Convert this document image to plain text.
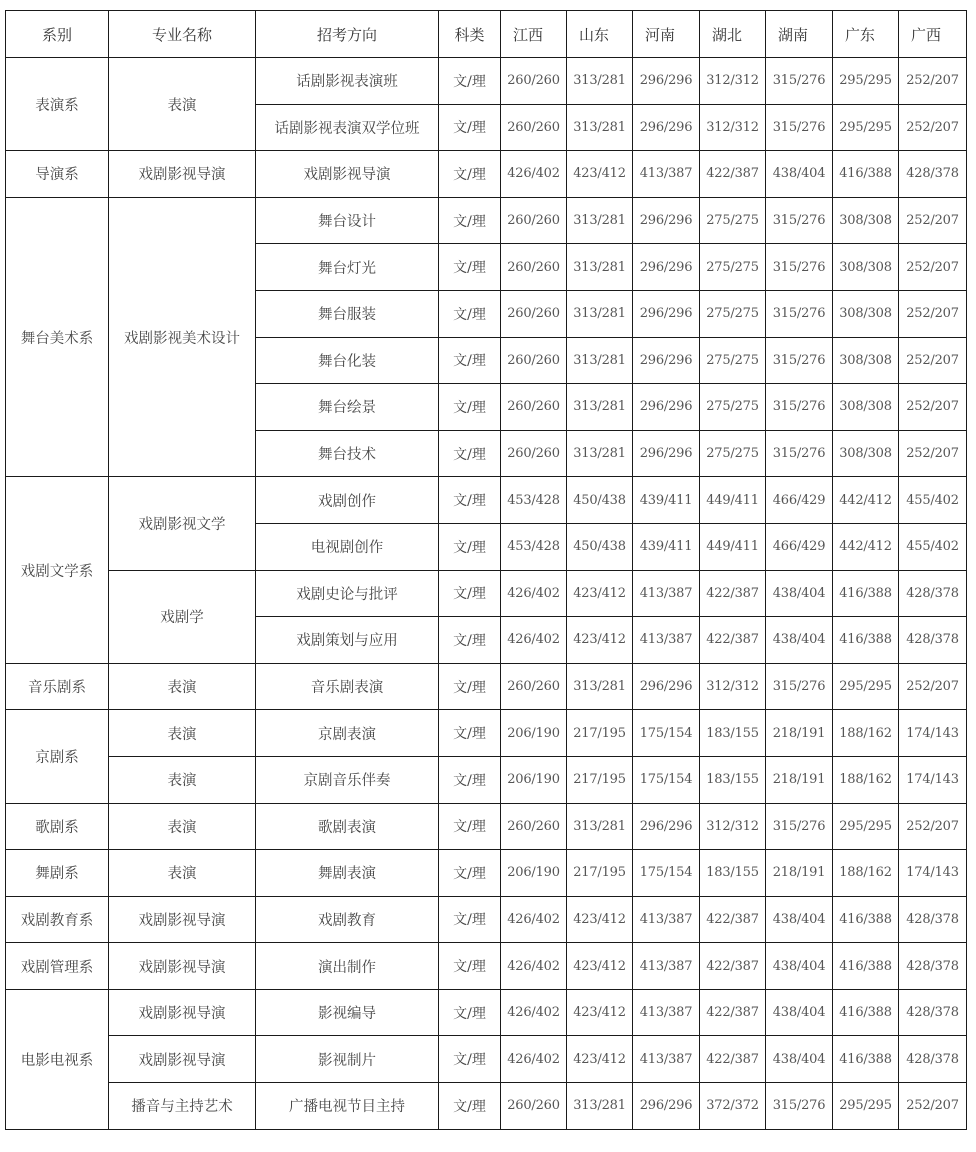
系别	专业名称	招考方向	科类	江西	山东	河南	湖北	湖南	广东	广西
表演系	表演	话剧影视表演班	文/理	260/260	313/281	296/296	312/312	315/276	295/295	252/207
		话剧影视表演双学位班	文/理	260/260	313/281	296/296	312/312	315/276	295/295	252/207
导演系	戏剧影视导演	戏剧影视导演	文/理	426/402	423/412	413/387	422/387	438/404	416/388	428/378
舞台美术系	戏剧影视美术设计	舞台设计	文/理	260/260	313/281	296/296	275/275	315/276	308/308	252/207
		舞台灯光	文/理	260/260	313/281	296/296	275/275	315/276	308/308	252/207
		舞台服装	文/理	260/260	313/281	296/296	275/275	315/276	308/308	252/207
		舞台化装	文/理	260/260	313/281	296/296	275/275	315/276	308/308	252/207
		舞台绘景	文/理	260/260	313/281	296/296	275/275	315/276	308/308	252/207
		舞台技术	文/理	260/260	313/281	296/296	275/275	315/276	308/308	252/207
戏剧文学系	戏剧影视文学	戏剧创作	文/理	453/428	450/438	439/411	449/411	466/429	442/412	455/402
		电视剧创作	文/理	453/428	450/438	439/411	449/411	466/429	442/412	455/402
	戏剧学	戏剧史论与批评	文/理	426/402	423/412	413/387	422/387	438/404	416/388	428/378
		戏剧策划与应用	文/理	426/402	423/412	413/387	422/387	438/404	416/388	428/378
音乐剧系	表演	音乐剧表演	文/理	260/260	313/281	296/296	312/312	315/276	295/295	252/207
京剧系	表演	京剧表演	文/理	206/190	217/195	175/154	183/155	218/191	188/162	174/143
	表演	京剧音乐伴奏	文/理	206/190	217/195	175/154	183/155	218/191	188/162	174/143
歌剧系	表演	歌剧表演	文/理	260/260	313/281	296/296	312/312	315/276	295/295	252/207
舞剧系	表演	舞剧表演	文/理	206/190	217/195	175/154	183/155	218/191	188/162	174/143
戏剧教育系	戏剧影视导演	戏剧教育	文/理	426/402	423/412	413/387	422/387	438/404	416/388	428/378
戏剧管理系	戏剧影视导演	演出制作	文/理	426/402	423/412	413/387	422/387	438/404	416/388	428/378
电影电视系	戏剧影视导演	影视编导	文/理	426/402	423/412	413/387	422/387	438/404	416/388	428/378
	戏剧影视导演	影视制片	文/理	426/402	423/412	413/387	422/387	438/404	416/388	428/378
	播音与主持艺术	广播电视节目主持	文/理	260/260	313/281	296/296	372/372	315/276	295/295	252/207
